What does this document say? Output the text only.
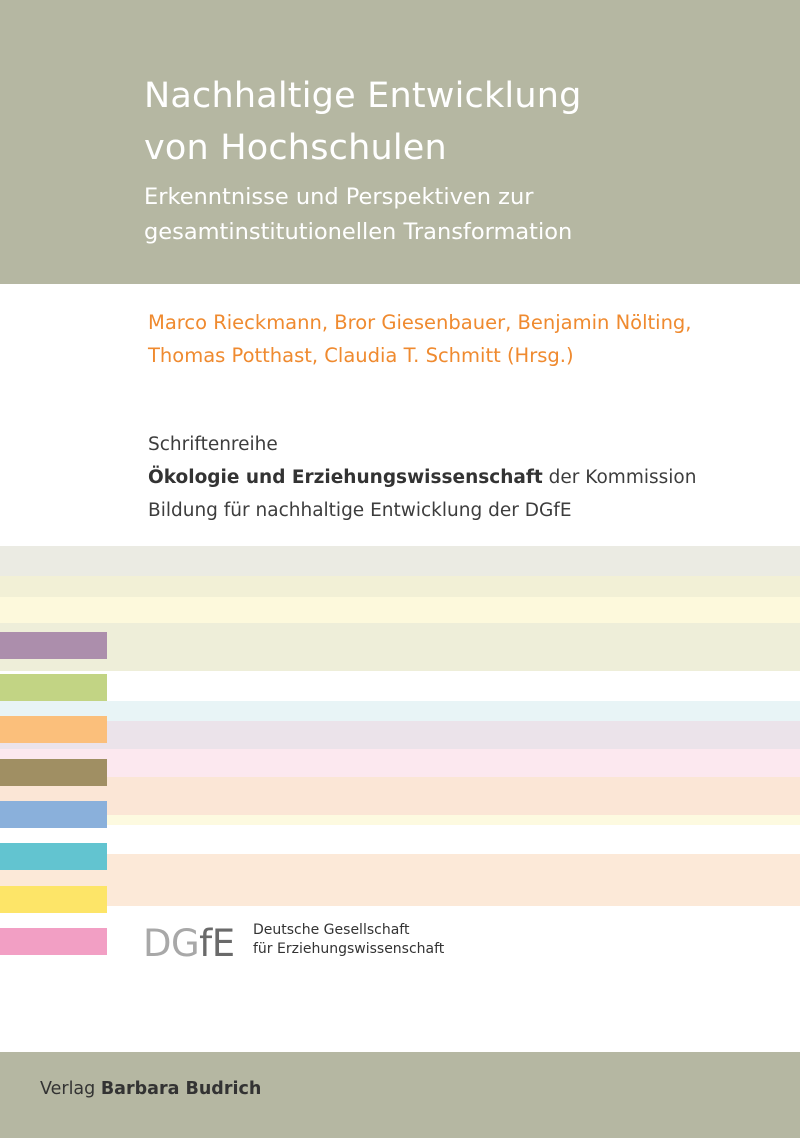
Nachhaltige Entwicklung
von Hochschulen
Erkenntnisse und Perspektiven zur
gesamtinstitutionellen Transformation
Marco Rieckmann, Bror Giesenbauer, Benjamin Nölting,
Thomas Potthast, Claudia T. Schmitt (Hrsg.)
Schriftenreihe
Ökologie und Erziehungswissenschaft der Kommission
Bildung für nachhaltige Entwicklung der DGfE
DGfE Deutsche Gesellschaft
für Erziehungswissenschaft
Verlag Barbara Budrich
